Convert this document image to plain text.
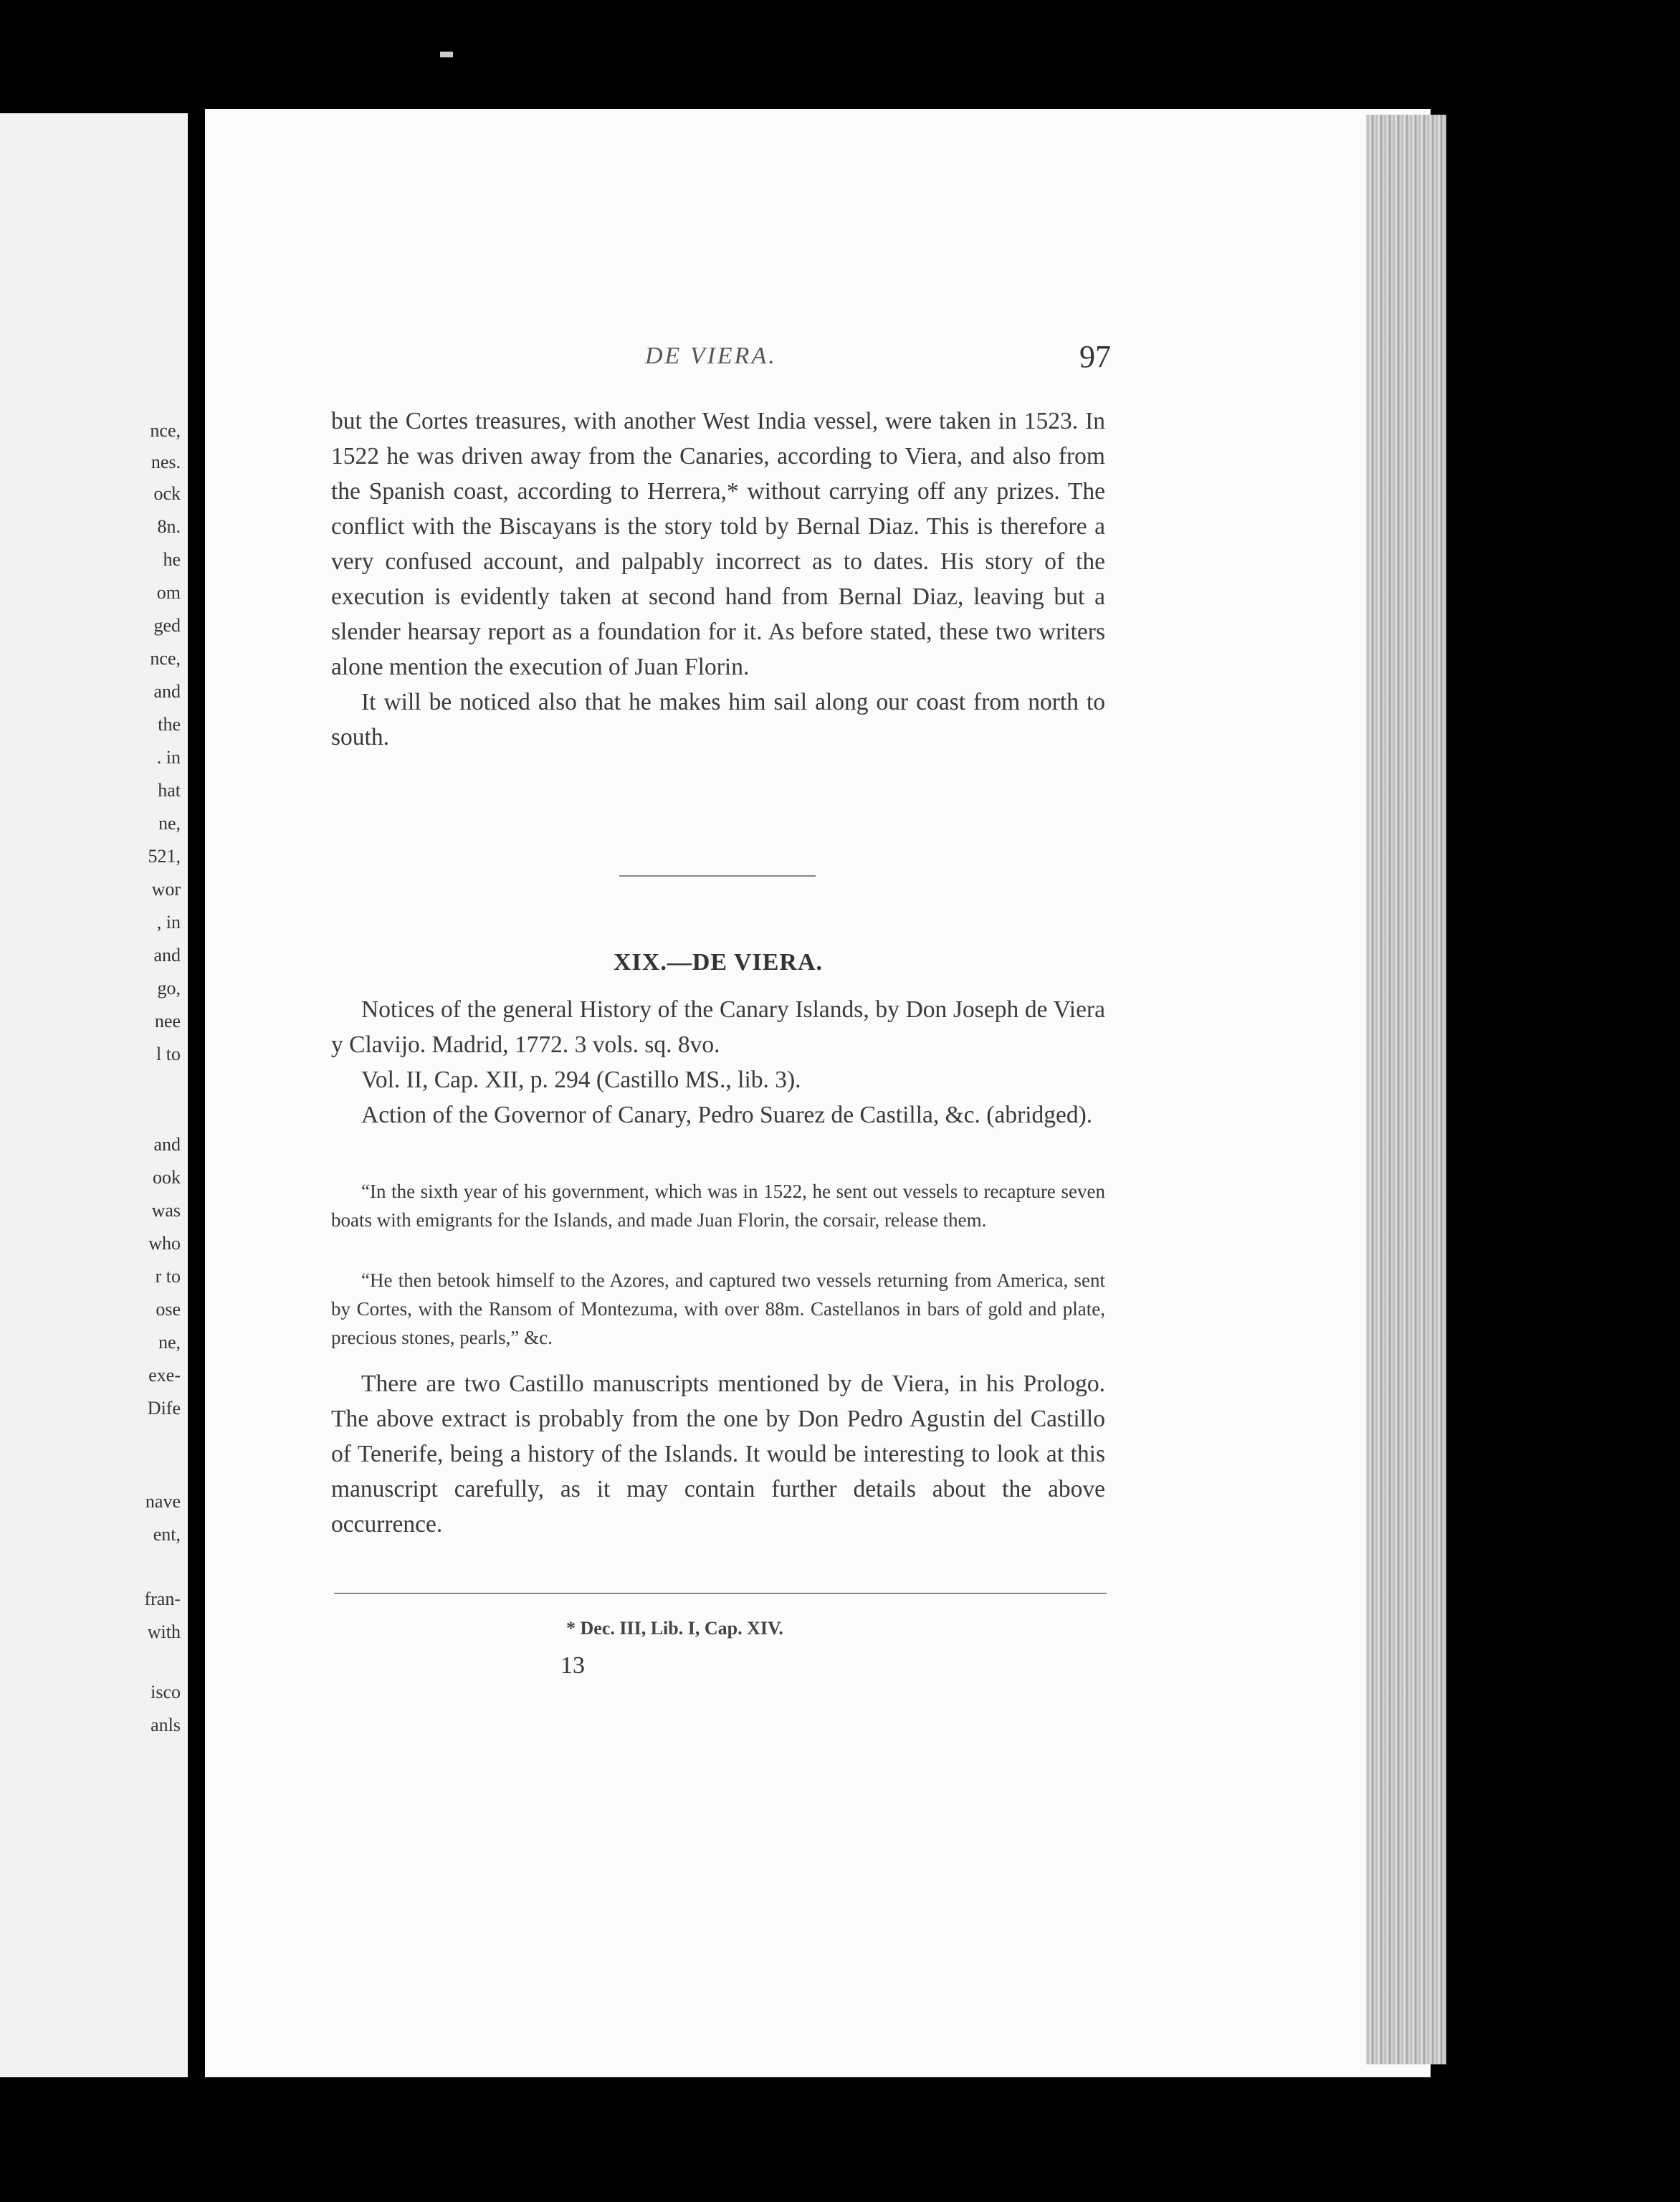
nce,
nes.
ock
8n.
he
om
ged
nce,
and
the
. in
hat
ne,
521,
wor
, in
and
go,
nee
l to
and
ook
was
who
r to
ose
ne,
exe-
Dife
nave
ent,
fran-
with
isco
anls
DE VIERA.	97

but the Cortes treasures, with another West India vessel, were taken in 1523. In 1522 he was driven away from the Canaries, according to Viera, and also from the Spanish coast, according to Herrera,* without carrying off any prizes. The conflict with the Biscayans is the story told by Bernal Diaz. This is therefore a very confused account, and palpably incorrect as to dates. His story of the execution is evidently taken at second hand from Bernal Diaz, leaving but a slender hearsay report as a foundation for it. As before stated, these two writers alone mention the execution of Juan Florin.

It will be noticed also that he makes him sail along our coast from north to south.

XIX.—DE VIERA.

Notices of the general History of the Canary Islands, by Don Joseph de Viera y Clavijo. Madrid, 1772. 3 vols. sq. 8vo.

Vol. II, Cap. XII, p. 294 (Castillo MS., lib. 3).

Action of the Governor of Canary, Pedro Suarez de Castilla, &c. (abridged).

“In the sixth year of his government, which was in 1522, he sent out vessels to recapture seven boats with emigrants for the Islands, and made Juan Florin, the corsair, release them.

“He then betook himself to the Azores, and captured two vessels returning from America, sent by Cortes, with the Ransom of Montezuma, with over 88m. Castellanos in bars of gold and plate, precious stones, pearls,” &c.

There are two Castillo manuscripts mentioned by de Viera, in his Prologo. The above extract is probably from the one by Don Pedro Agustin del Castillo of Tenerife, being a history of the Islands. It would be interesting to look at this manuscript carefully, as it may contain further details about the above occurrence.

* Dec. III, Lib. I, Cap. XIV.
13
